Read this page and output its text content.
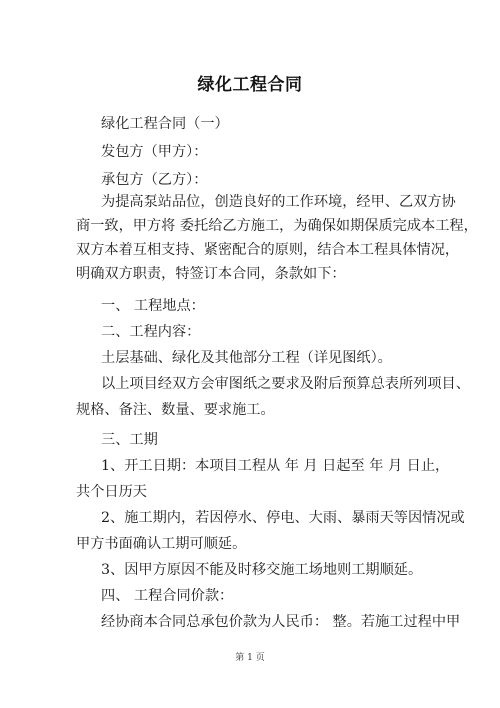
绿化工程合同
绿化工程合同（一）
发包方（甲方）：
承包方（乙方）：
为提高泵站品位，创造良好的工作环境，经甲、乙双方协
商一致，甲方将 委托给乙方施工，为确保如期保质完成本工程，
双方本着互相支持、紧密配合的原则，结合本工程具体情况，
明确双方职责，特签订本合同，条款如下：
一、 工程地点：
二、工程内容：
土层基础、绿化及其他部分工程（详见图纸）。
以上项目经双方会审图纸之要求及附后预算总表所列项目、
规格、备注、数量、要求施工。
三、工期
1、开工日期：本项目工程从 年 月 日起至 年 月 日止，
共个日历天
2、施工期内，若因停水、停电、大雨、暴雨天等因情况或
甲方书面确认工期可顺延。
3、因甲方原因不能及时移交施工场地则工期顺延。
四、 工程合同价款：
经协商本合同总承包价款为人民币： 整。若施工过程中甲
第 1 页
